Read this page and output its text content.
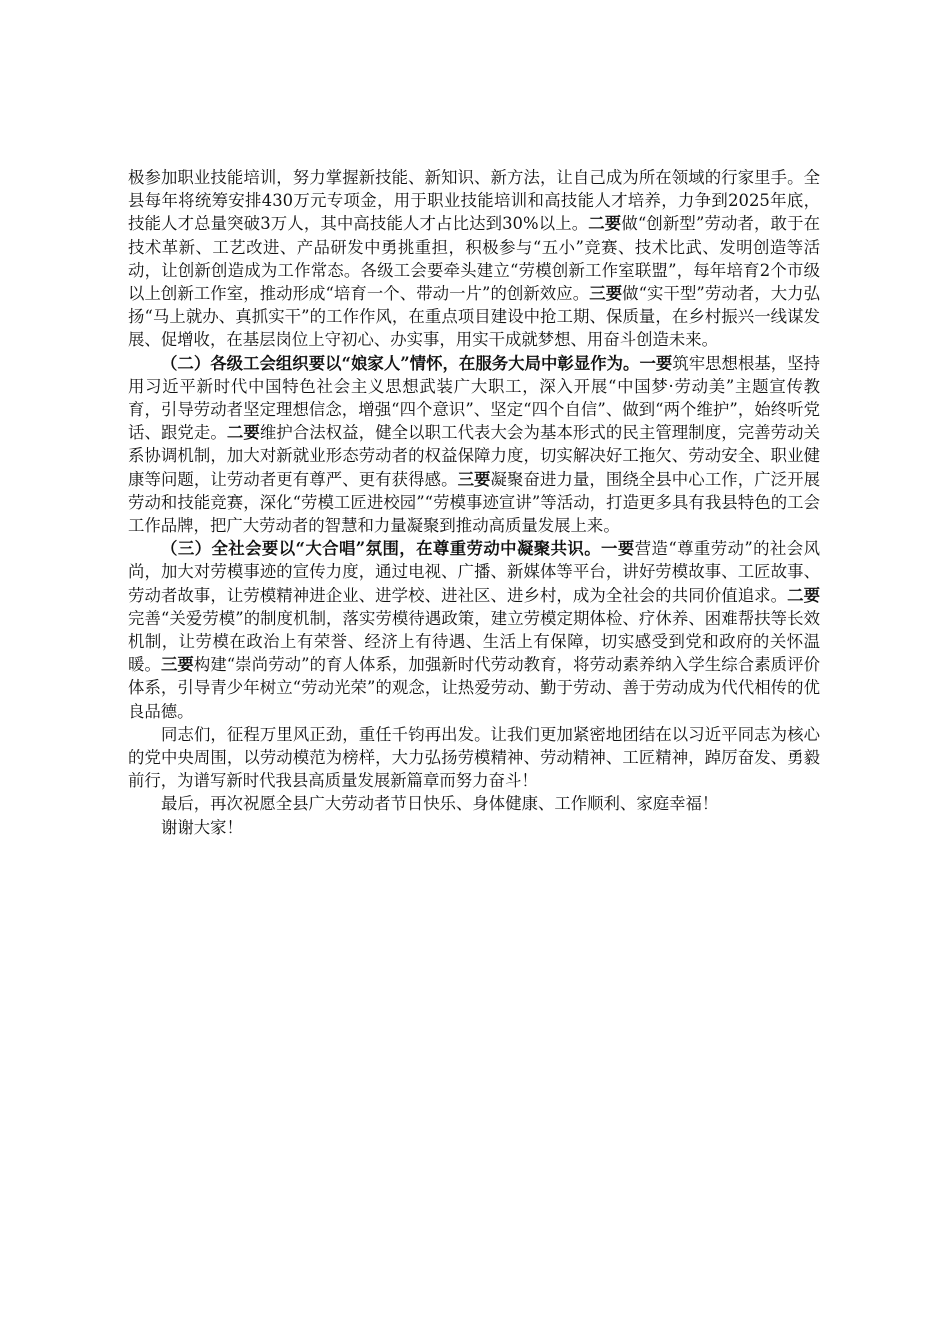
极参加职业技能培训，努力掌握新技能、新知识、新方法，让自己成为所在领域的行家里手。全县每年将统筹安排430万元专项金，用于职业技能培训和高技能人才培养，力争到2025年底，技能人才总量突破3万人，其中高技能人才占比达到30%以上。二要做“创新型”劳动者，敢于在技术革新、工艺改进、产品研发中勇挑重担，积极参与“五小”竞赛、技术比武、发明创造等活动，让创新创造成为工作常态。各级工会要牵头建立“劳模创新工作室联盟”，每年培育2个市级以上创新工作室，推动形成“培育一个、带动一片”的创新效应。三要做“实干型”劳动者，大力弘扬“马上就办、真抓实干”的工作作风，在重点项目建设中抢工期、保质量，在乡村振兴一线谋发展、促增收，在基层岗位上守初心、办实事，用实干成就梦想、用奋斗创造未来。

（二）各级工会组织要以“娘家人”情怀，在服务大局中彰显作为。一要筑牢思想根基，坚持用习近平新时代中国特色社会主义思想武装广大职工，深入开展“中国梦·劳动美”主题宣传教育，引导劳动者坚定理想信念，增强“四个意识”、坚定“四个自信”、做到“两个维护”，始终听党话、跟党走。二要维护合法权益，健全以职工代表大会为基本形式的民主管理制度，完善劳动关系协调机制，加大对新就业形态劳动者的权益保障力度，切实解决好工拖欠、劳动安全、职业健康等问题，让劳动者更有尊严、更有获得感。三要凝聚奋进力量，围绕全县中心工作，广泛开展劳动和技能竞赛，深化“劳模工匠进校园”“劳模事迹宣讲”等活动，打造更多具有我县特色的工会工作品牌，把广大劳动者的智慧和力量凝聚到推动高质量发展上来。

（三）全社会要以“大合唱”氛围，在尊重劳动中凝聚共识。一要营造“尊重劳动”的社会风尚，加大对劳模事迹的宣传力度，通过电视、广播、新媒体等平台，讲好劳模故事、工匠故事、劳动者故事，让劳模精神进企业、进学校、进社区、进乡村，成为全社会的共同价值追求。二要完善“关爱劳模”的制度机制，落实劳模待遇政策，建立劳模定期体检、疗休养、困难帮扶等长效机制，让劳模在政治上有荣誉、经济上有待遇、生活上有保障，切实感受到党和政府的关怀温暖。三要构建“崇尚劳动”的育人体系，加强新时代劳动教育，将劳动素养纳入学生综合素质评价体系，引导青少年树立“劳动光荣”的观念，让热爱劳动、勤于劳动、善于劳动成为代代相传的优良品德。

同志们，征程万里风正劲，重任千钧再出发。让我们更加紧密地团结在以习近平同志为核心的党中央周围，以劳动模范为榜样，大力弘扬劳模精神、劳动精神、工匠精神，踔厉奋发、勇毅前行，为谱写新时代我县高质量发展新篇章而努力奋斗！

最后，再次祝愿全县广大劳动者节日快乐、身体健康、工作顺利、家庭幸福！

谢谢大家！
